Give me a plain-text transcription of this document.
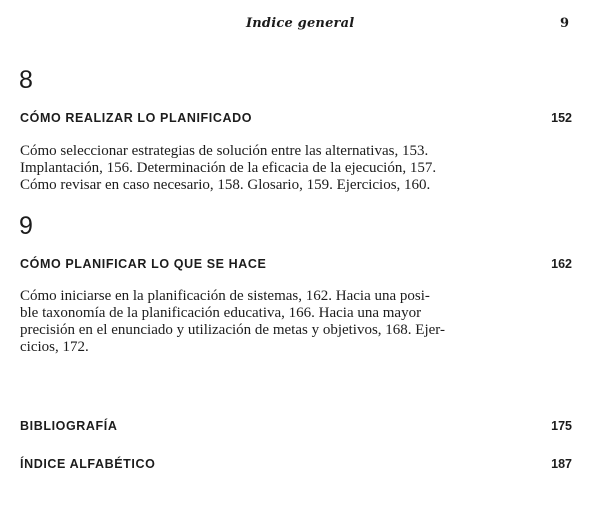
Indice general	9
8
CÓMO REALIZAR LO PLANIFICADO	152
Cómo seleccionar estrategias de solución entre las alternativas, 153.
Implantación, 156. Determinación de la eficacia de la ejecución, 157.
Cómo revisar en caso necesario, 158. Glosario, 159. Ejercicios, 160.
9
CÓMO PLANIFICAR LO QUE SE HACE	162
Cómo iniciarse en la planificación de sistemas, 162. Hacia una posi-
ble taxonomía de la planificación educativa, 166. Hacia una mayor
precisión en el enunciado y utilización de metas y objetivos, 168. Ejer-
cicios, 172.
BIBLIOGRAFÍA	175
ÍNDICE ALFABÉTICO	187
